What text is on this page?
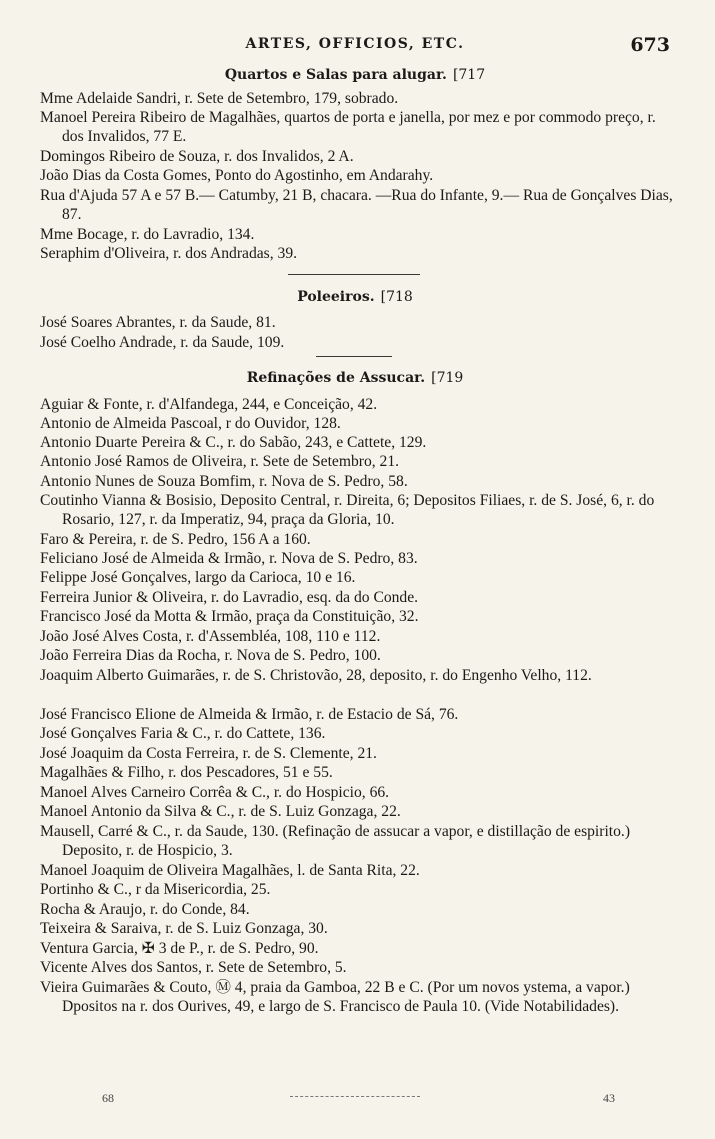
ARTES, OFFICIOS, ETC.	673
Quartos e Salas para alugar. [717
Mme Adelaide Sandri, r. Sete de Setembro, 179, sobrado.
Manoel Pereira Ribeiro de Magalhães, quartos de porta e janella, por mez e por commodo preço, r. dos Invalidos, 77 E.
Domingos Ribeiro de Souza, r. dos Invalidos, 2 A.
João Dias da Costa Gomes, Ponto do Agostinho, em Andarahy.
Rua d'Ajuda 57 A e 57 B.— Catumby, 21 B, chacara. —Rua do Infante, 9.— Rua de Gonçalves Dias, 87.
Mme Bocage, r. do Lavradio, 134.
Seraphim d'Oliveira, r. dos Andradas, 39.
Poleeiros. [718
José Soares Abrantes, r. da Saude, 81.
José Coelho Andrade, r. da Saude, 109.
Refinações de Assucar. [719
Aguiar & Fonte, r. d'Alfandega, 244, e Conceição, 42.
Antonio de Almeida Pascoal, r do Ouvidor, 128.
Antonio Duarte Pereira & C., r. do Sabão, 243, e Cattete, 129.
Antonio José Ramos de Oliveira, r. Sete de Setembro, 21.
Antonio Nunes de Souza Bomfim, r. Nova de S. Pedro, 58.
Coutinho Vianna & Bosisio, Deposito Central, r. Direita, 6; Depositos Filiaes, r. de S. José, 6, r. do Rosario, 127, r. da Imperatiz, 94, praça da Gloria, 10.
Faro & Pereira, r. de S. Pedro, 156 A a 160.
Feliciano José de Almeida & Irmão, r. Nova de S. Pedro, 83.
Felippe José Gonçalves, largo da Carioca, 10 e 16.
Ferreira Junior & Oliveira, r. do Lavradio, esq. da do Conde.
Francisco José da Motta & Irmão, praça da Constituição, 32.
João José Alves Costa, r. d'Assembléa, 108, 110 e 112.
João Ferreira Dias da Rocha, r. Nova de S. Pedro, 100.
Joaquim Alberto Guimarães, r. de S. Christovão, 28, deposito, r. do Engenho Velho, 112.
José Francisco Elione de Almeida & Irmão, r. de Estacio de Sá, 76.
José Gonçalves Faria & C., r. do Cattete, 136.
José Joaquim da Costa Ferreira, r. de S. Clemente, 21.
Magalhães & Filho, r. dos Pescadores, 51 e 55.
Manoel Alves Carneiro Corrêa & C., r. do Hospicio, 66.
Manoel Antonio da Silva & C., r. de S. Luiz Gonzaga, 22.
Mausell, Carré & C., r. da Saude, 130. (Refinação de assucar a vapor, e distillação de espirito.) Deposito, r. de Hospicio, 3.
Manoel Joaquim de Oliveira Magalhães, l. de Santa Rita, 22.
Portinho & C., r da Misericordia, 25.
Rocha & Araujo, r. do Conde, 84.
Teixeira & Saraiva, r. de S. Luiz Gonzaga, 30.
Ventura Garcia, ✠ 3 de P., r. de S. Pedro, 90.
Vicente Alves dos Santos, r. Sete de Setembro, 5.
Vieira Guimarães & Couto, Ⓜ 4, praia da Gamboa, 22 B e C. (Por um novos ystema, a vapor.) Dpositos na r. dos Ourives, 49, e largo de S. Francisco de Paula 10. (Vide Notabilidades).
68	43
